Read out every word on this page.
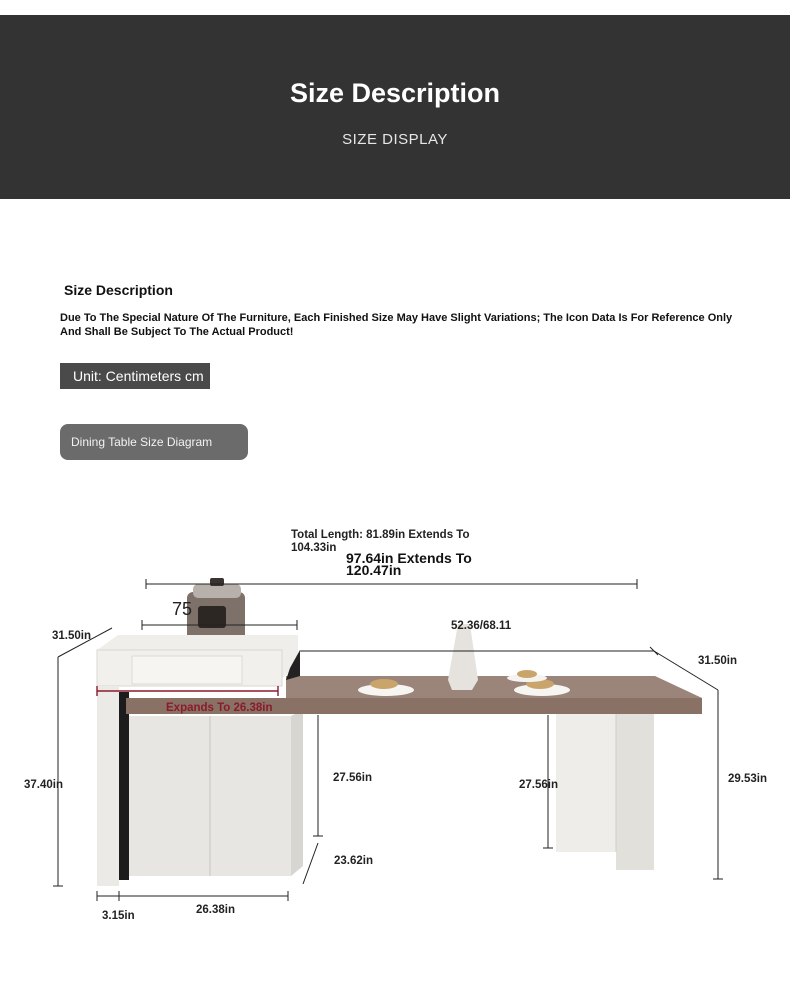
Size Description
SIZE DISPLAY
Size Description
Due To The Special Nature Of The Furniture, Each Finished Size May Have Slight Variations; The Icon Data Is For Reference Only And Shall Be Subject To The Actual Product!
Unit: Centimeters cm
Dining Table Size Diagram
Total Length: 81.89in Extends To 104.33in
97.64in Extends To 120.47in
75
52.36/68.11
31.50in
31.50in
Expands To 26.38in
37.40in
27.56in
27.56in	29.53in
23.62in
3.15in	26.38in
